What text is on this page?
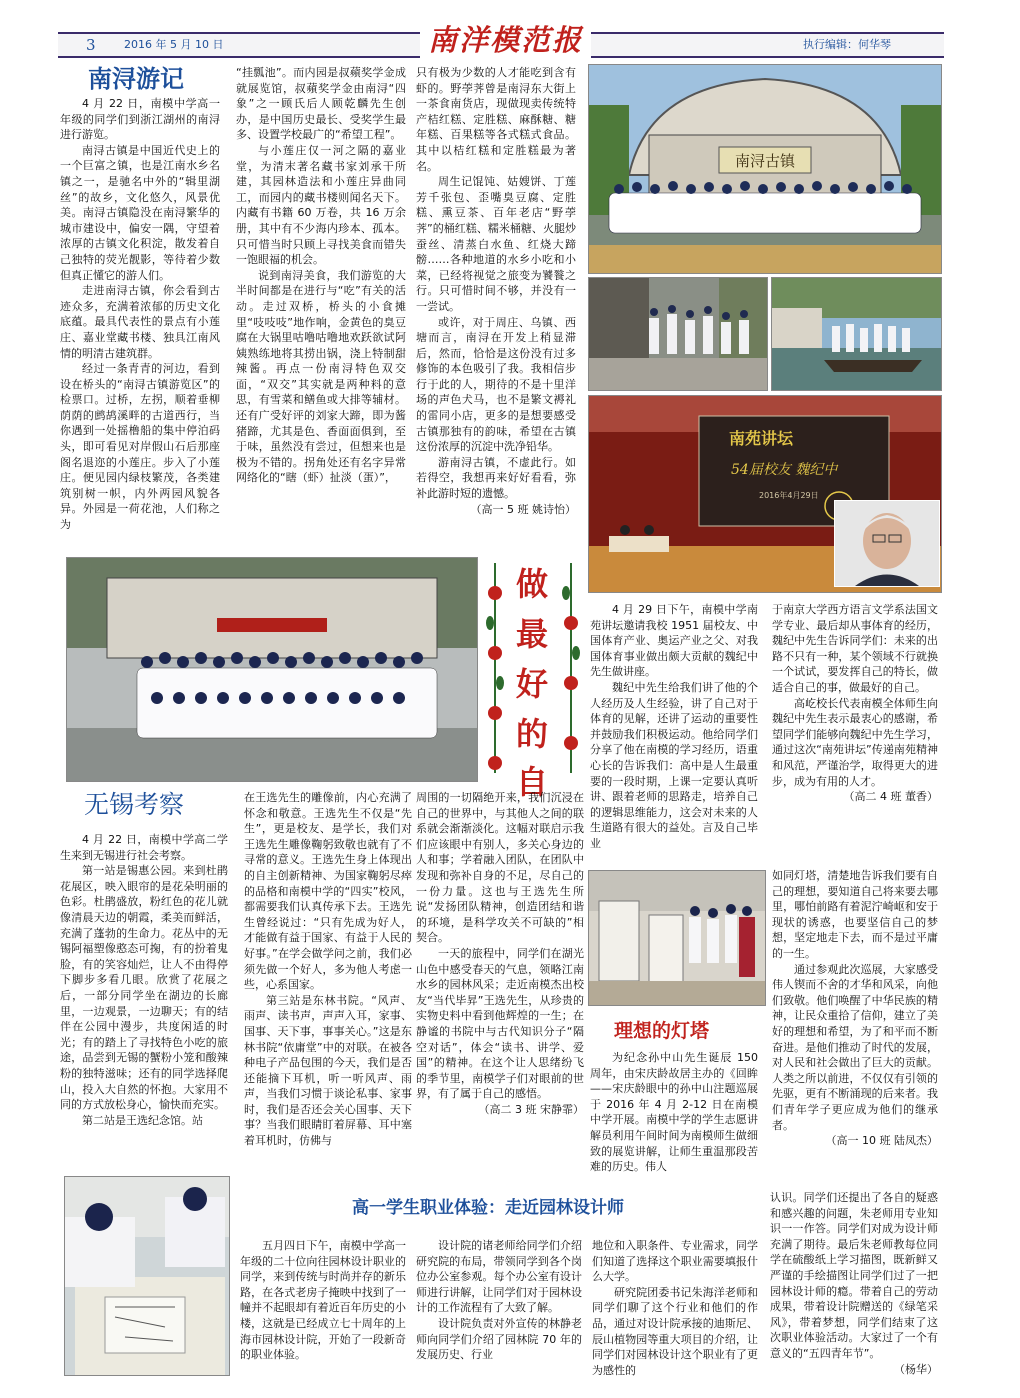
3	2016 年 5 月 10 日	南洋模范报	执行编辑：何华琴
南浔游记

4 月 22 日，南模中学高一年级的同学们到浙江湖州的南浔进行游览。

南浔古镇是中国近代史上的一个巨富之镇，也是江南水乡名镇之一，是驰名中外的“辑里湖丝”的故乡，文化悠久，风景优美。南浔古镇隐没在南浔繁华的城市建设中，偏安一隅，守望着浓厚的古镇文化积淀，散发着自己独特的荧光靓影，等待着少数但真正懂它的游人们。

走进南浔古镇，你会看到古迹众多，充满着浓郁的历史文化底蕴。最具代表性的景点有小莲庄、嘉业堂藏书楼、独具江南风情的明清古建筑群。

经过一条青青的河边，看到设在桥头的“南浔古镇游览区”的检票口。过桥，左拐，顺着垂柳荫荫的鹧鸪溪畔的古道西行，当你遇到一处摇橹船的集中停泊码头，即可看见对岸假山石后那座阁名退迩的小莲庄。步入了小莲庄。便见园内绿枝繁茂，各类建筑别树一帜，内外两园风貌各异。外园是一荷花池，人们称之为

“挂瓢池”。而内园是叔蘋奖学金成就展览馆，叔蘋奖学金由南浔“四象”之一顾氏后人顾乾麟先生创办，是中国历史最长、受奖学生最多、设置学校最广的“希望工程”。

与小莲庄仅一河之隔的嘉业堂，为清末著名藏书家刘承干所建，其园林造法和小莲庄异曲同工，而园内的藏书楼则闻名天下。内藏有书籍 60 万卷，共 16 万余册，其中有不少海内珍本、孤本。只可惜当时只顾上寻找美食而错失一饱眼福的机会。

说到南浔美食，我们游览的大半时间都是在进行与“吃”有关的活动。走过双桥，桥头的小食摊里“吱吱吱”地作响，金黄色的臭豆腐在大锅里咕噜咕噜地欢跃欲试阿姨熟练地将其捞出锅，浇上特制甜辣酱。再点一份南浔特色双交面，“双交”其实就是两种料的意思，有雪菜和鳝鱼或大排等辅材。还有广受好评的刘家大蹄，即为酱猪蹄，尤其是色、香面面俱到，至于味，虽然没有尝过，但想来也是极为不错的。拐角处还有名字异常网络化的“瞎（虾）扯淡（蛋）”，

只有极为少数的人才能吃到含有虾的。野荸荠曾是南浔东大街上一茶食南货店，现做现卖传统特产桔红糕、定胜糕、麻酥糖、糖年糕、百果糕等各式糕式食品。其中以桔红糕和定胜糕最为著名。

周生记馄饨、姑嫂饼、丁莲芳千张包、歪嘴臭豆腐、定胜糕、熏豆茶、百年老店“野荸荠”的桶红糕、糯米桶糖、火腿炒蚕丝、清蒸白水鱼、红烧大蹄髈……各种地道的水乡小吃和小菜，已经将视觉之旅变为饕餮之行。只可惜时间不够，并没有一一尝试。

或许，对于周庄、乌镇、西塘而言，南浔在开发上稍显滞后，然而，恰恰是这份没有过多修饰的本色吸引了我。我相信步行于此的人，期待的不是十里洋场的声色犬马，也不是繁文褥礼的雷同小店，更多的是想要感受古镇那独有的韵味，希望在古镇这份浓厚的沉淀中洗净铅华。

游南浔古镇，不虚此行。如若得空，我想再来好好看看，弥补此游时短的遗憾。

（高一 5 班 姚诗怡）

南浔古镇
南苑讲坛
54届校友 魏纪中
2016年4月29日
做
最
好
的
自

4 月 29 日下午，南模中学南苑讲坛邀请我校 1951 届校友、中国体育产业、奥运产业之父、对我国体育事业做出颇大贡献的魏纪中先生做讲座。

魏纪中先生给我们讲了他的个人经历及人生经验，讲了自己对于体育的见解，还讲了运动的重要性并鼓励我们积极运动。他给同学们分享了他在南模的学习经历，语重心长的告诉我们：高中是人生最重要的一段时期，上课一定要认真听讲、跟着老师的思路走，培养自己的逻辑思维能力，这会对未来的人生道路有很大的益处。言及自己毕业

于南京大学西方语言文学系法国文学专业、最后却从事体育的经历，魏纪中先生告诉同学们：未来的出路不只有一种，某个领域不行就换一个试试，要发挥自己的特长，做适合自己的事，做最好的自己。

高屹校长代表南模全体师生向魏纪中先生表示最衷心的感谢，希望同学们能够向魏纪中先生学习，通过这次“南苑讲坛”传递南苑精神和风范，严谨治学，取得更大的进步，成为有用的人才。

（高二 4 班 董香）

无锡考察

4 月 22 日，南模中学高二学生来到无锡进行社会考察。

第一站是锡惠公园。来到杜鹃花展区，映入眼帘的是花朵明丽的色彩。杜鹃盛放，粉红色的花儿就像清晨天边的朝霞，柔美而鲜活，充满了蓬勃的生命力。花丛中的无锡阿福塑像憨态可掬，有的扮着鬼脸，有的笑容灿烂，让人不由得停下脚步多看几眼。欣赏了花展之后，一部分同学坐在湖边的长廊里，一边观景，一边聊天；有的结伴在公园中漫步，共度闲适的时光；有的踏上了寻找特色小吃的旅途，品尝到无锡的蟹粉小笼和酸辣粉的独特滋味；还有的同学选择爬山，投入大自然的怀抱。大家用不同的方式放松身心，愉快而充实。

第二站是王选纪念馆。站

在王选先生的雕像前，内心充满了怀念和敬意。王选先生不仅是“先生”，更是校友、是学长，我们对王选先生雕像鞠躬致敬也就有了不寻常的意义。王选先生身上体现出的自主创新精神、为国家鞠躬尽瘁的品格和南模中学的“四实”校风，都需要我们认真传承下去。王选先生曾经说过：“只有先成为好人，才能做有益于国家、有益于人民的好事。”在学会做学问之前，我们必须先做一个好人，多为他人考虑一些，心系国家。

第三站是东林书院。“风声、雨声、读书声，声声入耳，家事、国事、天下事，事事关心。”这是东林书院“依庸堂”中的对联。在被各种电子产品包围的今天，我们是否还能摘下耳机，听一听风声、雨声，当我们习惯于谈论私事、家事时，我们是否还会关心国事、天下事？当我们眼睛盯着屏幕、耳中塞着耳机时，仿佛与

周围的一切隔绝开来，我们沉浸在自己的世界中，与其他人之间的联系就会渐渐淡化。这幅对联启示我们应该眼中有别人，多关心身边的人和事；学着融入团队，在团队中发现和弥补自身的不足，尽自己的一份力量。这也与王选先生所说“发扬团队精神，创造团结和谐的环境，是科学攻关不可缺的”相契合。

一天的旅程中，同学们在湖光山色中感受春天的气息，领略江南水乡的园林风采；走近南模杰出校友“当代毕昇”王选先生，从珍贵的实物史料中看到他辉煌的一生；在静谧的书院中与古代知识分子“隔空对话”，体会“读书、讲学、爱国”的精神。在这个让人思绪纷飞的季节里，南模学子们对眼前的世界，有了属于自己的感悟。

（高二 3 班 宋静霏）

理想的灯塔

为纪念孙中山先生诞辰 150 周年，由宋庆龄故居主办的《回眸——宋庆龄眼中的孙中山注题巡展于 2016 年 4 月 2-12 日在南模中学开展。南模中学的学生志愿讲解员利用午间时间为南模师生做细致的展览讲解，让师生重温那段苦难的历史。伟人

如同灯塔，清楚地告诉我们要有自己的理想，要知道自己将来要去哪里，哪怕前路有着泥泞崎岖和安于现状的诱惑，也要坚信自己的梦想，坚定地走下去，而不是过平庸的一生。

通过参观此次巡展，大家感受伟人锲而不舍的才华和风采，向他们致敬。他们唤醒了中华民族的精神，让民众重拾了信仰，建立了美好的理想和希望，为了和平而不断奋进。是他们推动了时代的发展，对人民和社会做出了巨大的贡献。人类之所以前进，不仅仅有引领的先驱，更有不断涌现的后来者。我们青年学子更应成为他们的继承者。

（高一 10 班 陆凤杰）

高一学生职业体验：走近园林设计师

五月四日下午，南模中学高一年级的二十位向往园林设计职业的同学，来到传统与时尚并存的新乐路，在各式老房子掩映中找到了一幢并不起眼却有着近百年历史的小楼，这就是已经成立七十周年的上海市园林设计院，开始了一段新奇的职业体验。

设计院的诸老师给同学们介绍研究院的布局，带领同学到各个岗位办公室参观。每个办公室有设计师进行讲解，让同学们对于园林设计的工作流程有了大致了解。

设计院负责对外宣传的林静老师向同学们介绍了园林院 70 年的发展历史、行业

地位和入职条件、专业需求，同学们知道了选择这个职业需要填报什么大学。

研究院团委书记朱海洋老师和同学们聊了这个行业和他们的作品，通过对设计院承接的迪斯尼、辰山植物园等重大项目的介绍，让同学们对园林设计这个职业有了更为感性的

认识。同学们还提出了各自的疑惑和感兴趣的问题，朱老师用专业知识一一作答。同学们对成为设计师充满了期待。最后朱老师教每位同学在硫酸纸上学习描图，既新鲜又严谨的手绘描图让同学们过了一把园林设计师的瘾。带着自己的劳动成果，带着设计院赠送的《绿笔采风》，带着梦想，同学们结束了这次职业体验活动。大家过了一个有意义的“五四青年节”。

（杨华）
